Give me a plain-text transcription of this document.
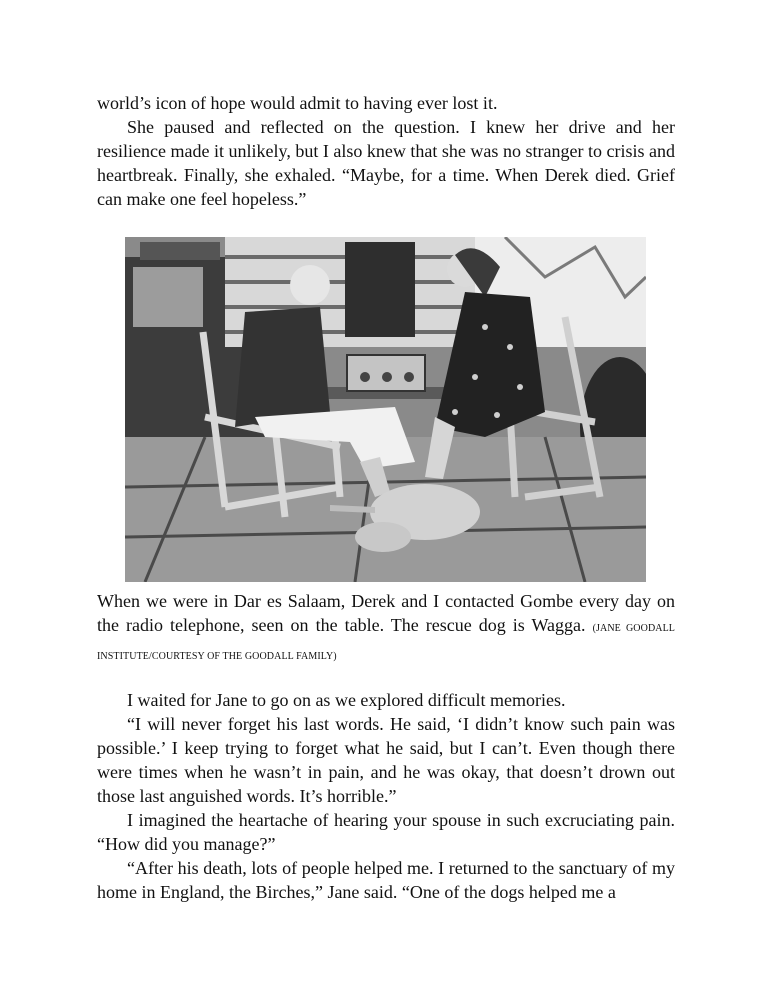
world’s icon of hope would admit to having ever lost it.

She paused and reflected on the question. I knew her drive and her resilience made it unlikely, but I also knew that she was no stranger to crisis and heartbreak. Finally, she exhaled. “Maybe, for a time. When Derek died. Grief can make one feel hopeless.”

When we were in Dar es Salaam, Derek and I contacted Gombe every day on the radio telephone, seen on the table. The rescue dog is Wagga. (JANE GOODALL INSTITUTE/COURTESY OF THE GOODALL FAMILY)

I waited for Jane to go on as we explored difficult memories.

“I will never forget his last words. He said, ‘I didn’t know such pain was possible.’ I keep trying to forget what he said, but I can’t. Even though there were times when he wasn’t in pain, and he was okay, that doesn’t drown out those last anguished words. It’s horrible.”

I imagined the heartache of hearing your spouse in such excruciating pain. “How did you manage?”

“After his death, lots of people helped me. I returned to the sanctuary of my home in England, the Birches,” Jane said. “One of the dogs helped me a
